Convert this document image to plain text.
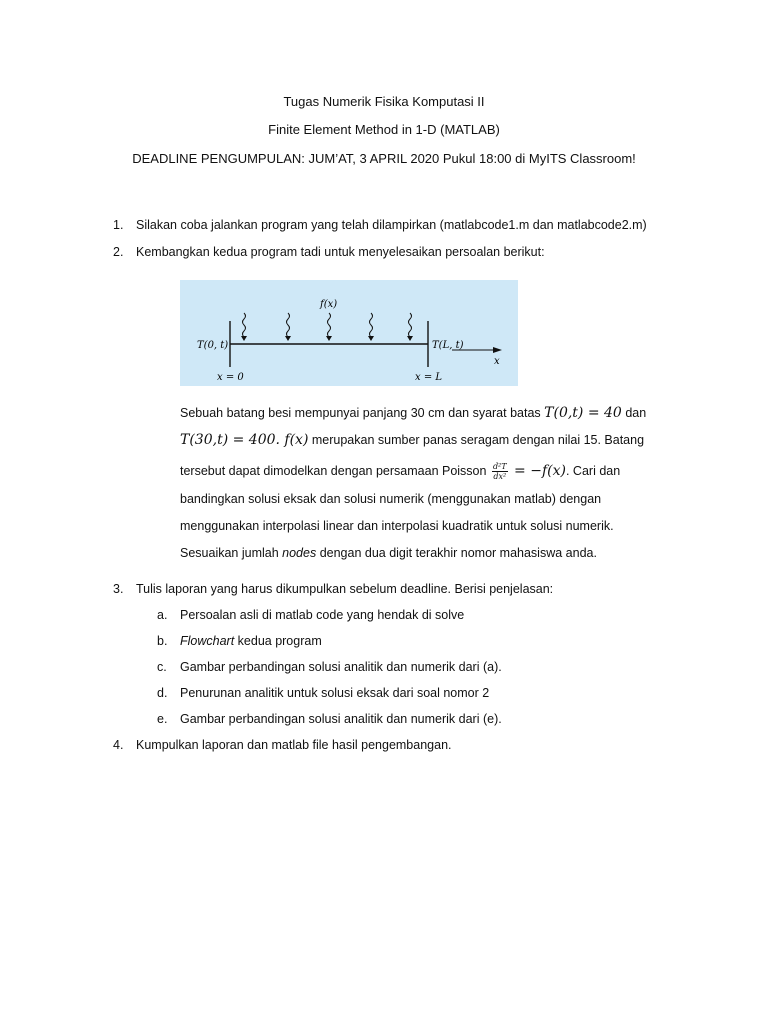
Tugas Numerik Fisika Komputasi II
Finite Element Method in 1-D (MATLAB)
DEADLINE PENGUMPULAN: JUM’AT, 3 APRIL 2020 Pukul 18:00 di MyITS Classroom!
1. Silakan coba jalankan program yang telah dilampirkan (matlabcode1.m dan matlabcode2.m)
2. Kembangkan kedua program tadi untuk menyelesaikan persoalan berikut:
f(x)
T(0, t)	T(L, t)
x
x = 0	x = L
Sebuah batang besi mempunyai panjang 30 cm dan syarat batas T(0,t) = 40 dan
T(30,t) = 400. f(x) merupakan sumber panas seragam dengan nilai 15. Batang
tersebut dapat dimodelkan dengan persamaan Poisson $\frac{\text{d²T}}{\text{dx²}} = -f(x)$. Cari dan
bandingkan solusi eksak dan solusi numerik (menggunakan matlab) dengan
menggunakan interpolasi linear dan interpolasi kuadratik untuk solusi numerik.
Sesuaikan jumlah nodes dengan dua digit terakhir nomor mahasiswa anda.
3. Tulis laporan yang harus dikumpulkan sebelum deadline. Berisi penjelasan:
a. Persoalan asli di matlab code yang hendak di solve
b. Flowchart kedua program
c. Gambar perbandingan solusi analitik dan numerik dari (a).
d. Penurunan analitik untuk solusi eksak dari soal nomor 2
e. Gambar perbandingan solusi analitik dan numerik dari (e).
4. Kumpulkan laporan dan matlab file hasil pengembangan.
